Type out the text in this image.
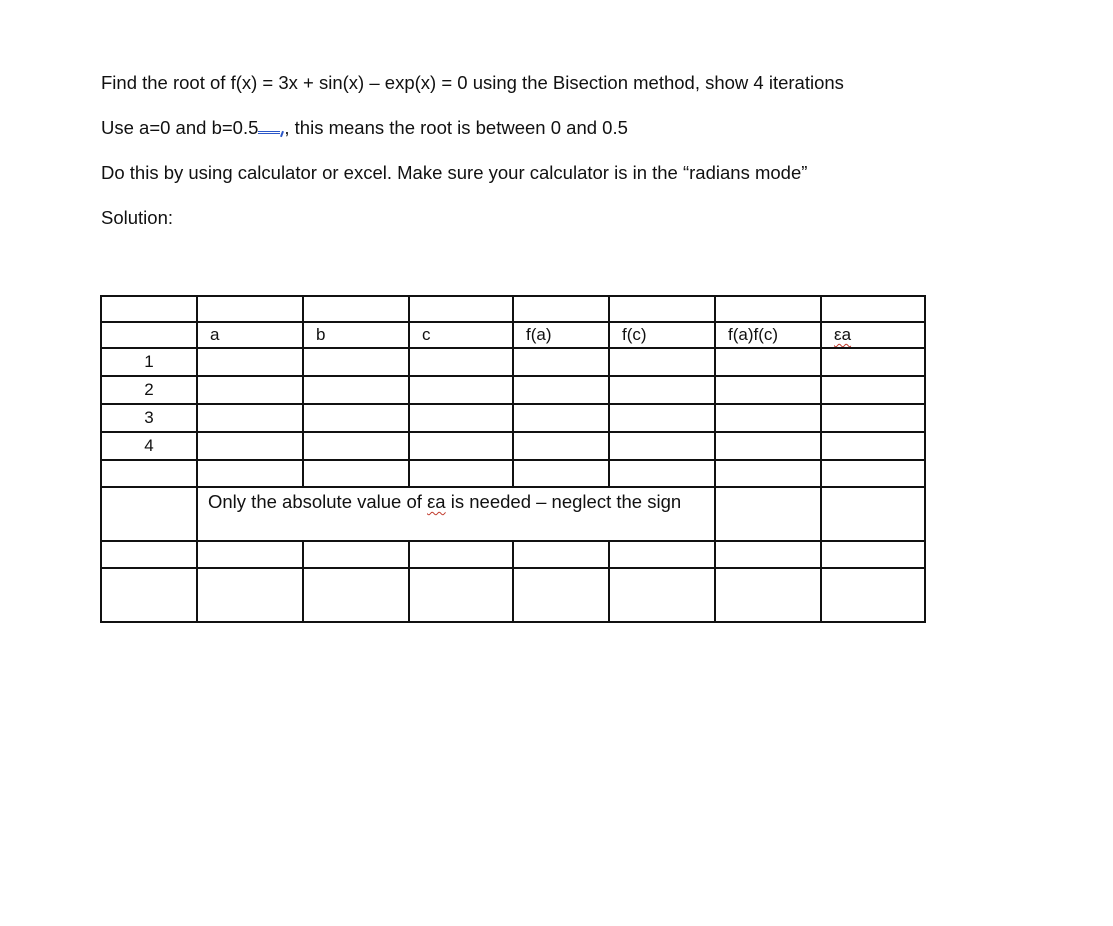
Find the root of f(x) = 3x + sin(x) – exp(x) = 0 using the Bisection method, show 4 iterations
Use a=0 and b=0.5 , this means the root is between 0 and 0.5
Do this by using calculator or excel. Make sure your calculator is in the “radians mode”
Solution:

	a	b	c	f(a)	f(c)	f(a)f(c)	εa
1							
2							
3							
4							

	Only the absolute value of εa is needed – neglect the sign						
